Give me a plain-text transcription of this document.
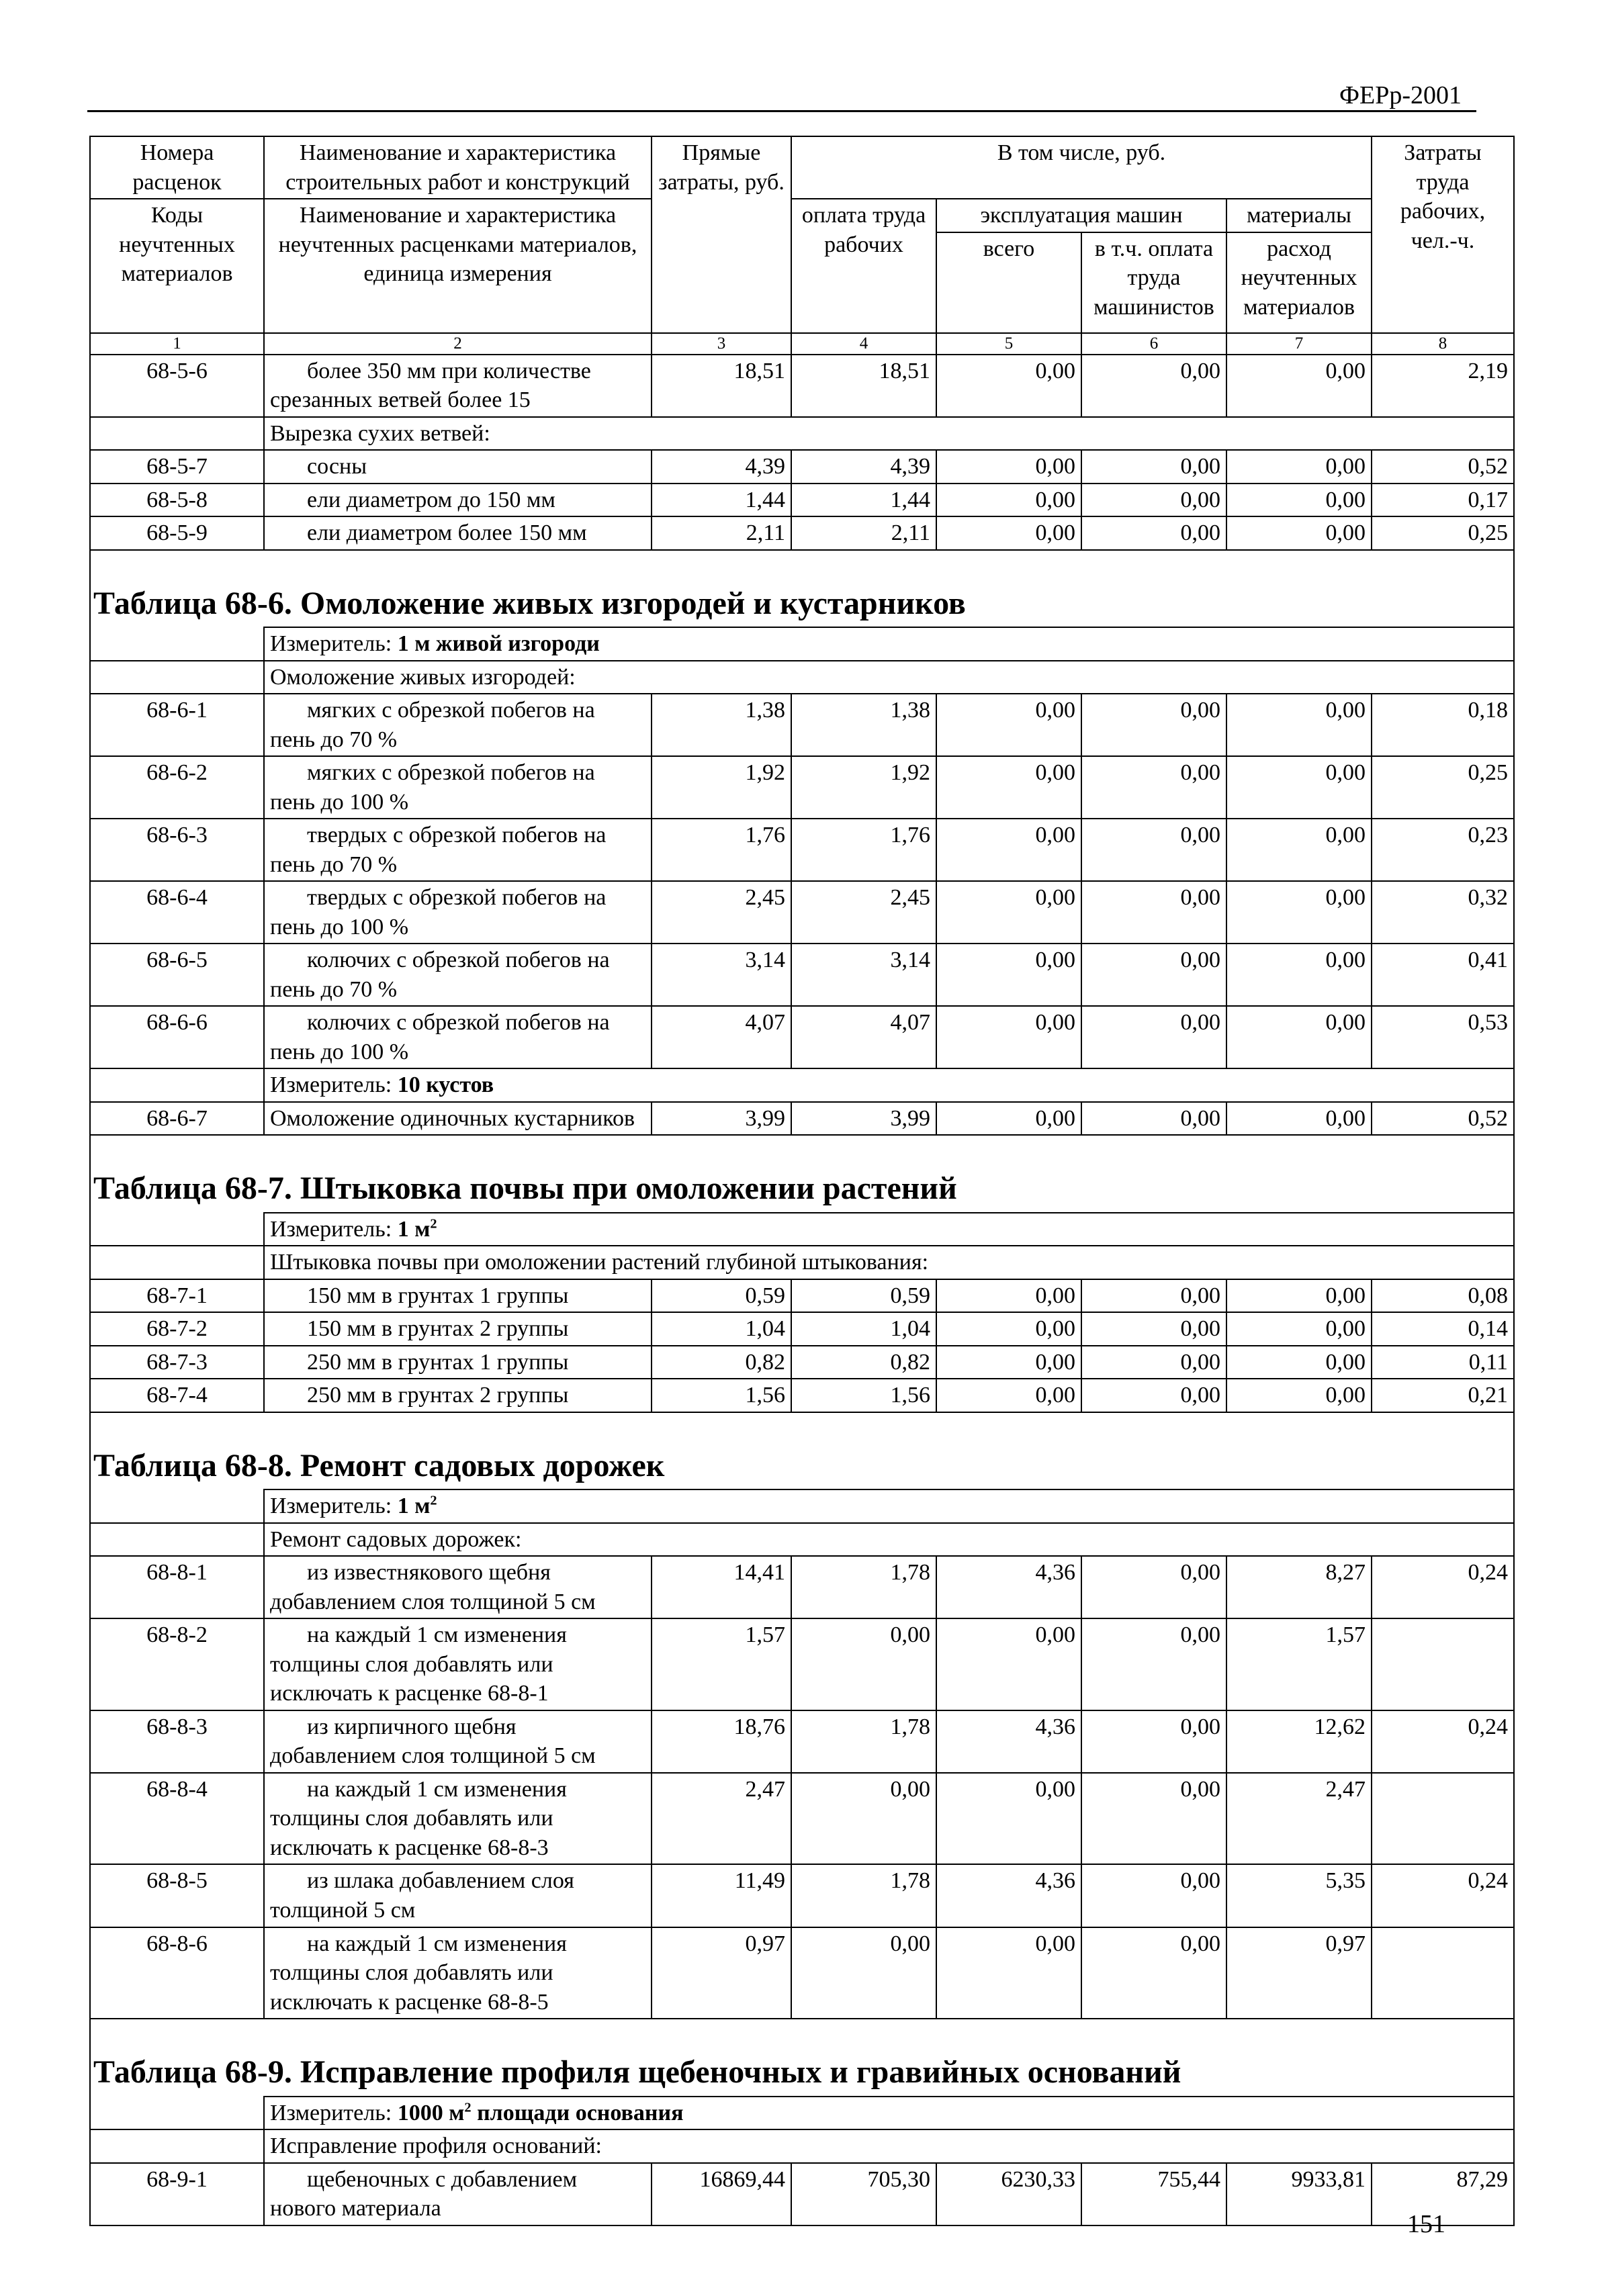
ФЕРр-2001
Номера расценок	Наименование и характеристика строительных работ и конструкций	Прямые затраты, руб.	В том числе, руб.				Затраты труда рабочих, чел.-ч.
Коды неучтенных материалов	Наименование и характеристика неучтенных расценками материалов, единица измерения		оплата труда рабочих	эксплуатация машин		материалы	
				всего	в т.ч. оплата труда машинистов	расход неучтенных материалов	
1	2	3	4	5	6	7	8
68-5-6	более 350 мм при количестве срезанных ветвей более 15	18,51	18,51	0,00	0,00	0,00	2,19
	Вырезка сухих ветвей:						
68-5-7	сосны	4,39	4,39	0,00	0,00	0,00	0,52
68-5-8	ели диаметром до 150 мм	1,44	1,44	0,00	0,00	0,00	0,17
68-5-9	ели диаметром более 150 мм	2,11	2,11	0,00	0,00	0,00	0,25

Таблица 68-6. Омоложение живых изгородей и кустарников							
	Измеритель: 1 м живой изгороди						
	Омоложение живых изгородей:						
68-6-1	мягких с обрезкой побегов на пень до 70 %	1,38	1,38	0,00	0,00	0,00	0,18
68-6-2	мягких с обрезкой побегов на пень до 100 %	1,92	1,92	0,00	0,00	0,00	0,25
68-6-3	твердых с обрезкой побегов на пень до 70 %	1,76	1,76	0,00	0,00	0,00	0,23
68-6-4	твердых с обрезкой побегов на пень до 100 %	2,45	2,45	0,00	0,00	0,00	0,32
68-6-5	колючих с обрезкой побегов на пень до 70 %	3,14	3,14	0,00	0,00	0,00	0,41
68-6-6	колючих с обрезкой побегов на пень до 100 %	4,07	4,07	0,00	0,00	0,00	0,53
	Измеритель: 10 кустов						
68-6-7	Омоложение одиночных кустарников	3,99	3,99	0,00	0,00	0,00	0,52

Таблица 68-7. Штыковка почвы при омоложении растений							
	Измеритель: 1 $м^2$
	Штыковка почвы при омоложении растений глубиной штыкования:						
68-7-1	150 мм в грунтах 1 группы	0,59	0,59	0,00	0,00	0,00	0,08
68-7-2	150 мм в грунтах 2 группы	1,04	1,04	0,00	0,00	0,00	0,14
68-7-3	250 мм в грунтах 1 группы	0,82	0,82	0,00	0,00	0,00	0,11
68-7-4	250 мм в грунтах 2 группы	1,56	1,56	0,00	0,00	0,00	0,21

Таблица 68-8. Ремонт садовых дорожек							
	Измеритель: 1 $м^2$
	Ремонт садовых дорожек:						
68-8-1	из известнякового щебня добавлением слоя толщиной 5 см	14,41	1,78	4,36	0,00	8,27	0,24
68-8-2	на каждый 1 см изменения толщины слоя добавлять или исключать к расценке 68-8-1	1,57	0,00	0,00	0,00	1,57	
68-8-3	из кирпичного щебня добавлением слоя толщиной 5 см	18,76	1,78	4,36	0,00	12,62	0,24
68-8-4	на каждый 1 см изменения толщины слоя добавлять или исключать к расценке 68-8-3	2,47	0,00	0,00	0,00	2,47	
68-8-5	из шлака добавлением слоя толщиной 5 см	11,49	1,78	4,36	0,00	5,35	0,24
68-8-6	на каждый 1 см изменения толщины слоя добавлять или исключать к расценке 68-8-5	0,97	0,00	0,00	0,00	0,97	

Таблица 68-9. Исправление профиля щебеночных и гравийных оснований							
	Измеритель: 1000 $м^2$ площади основания						
	Исправление профиля оснований:						
68-9-1	щебеночных с добавлением нового материала	16869,44	705,30	6230,33	755,44	9933,81	87,29
151
